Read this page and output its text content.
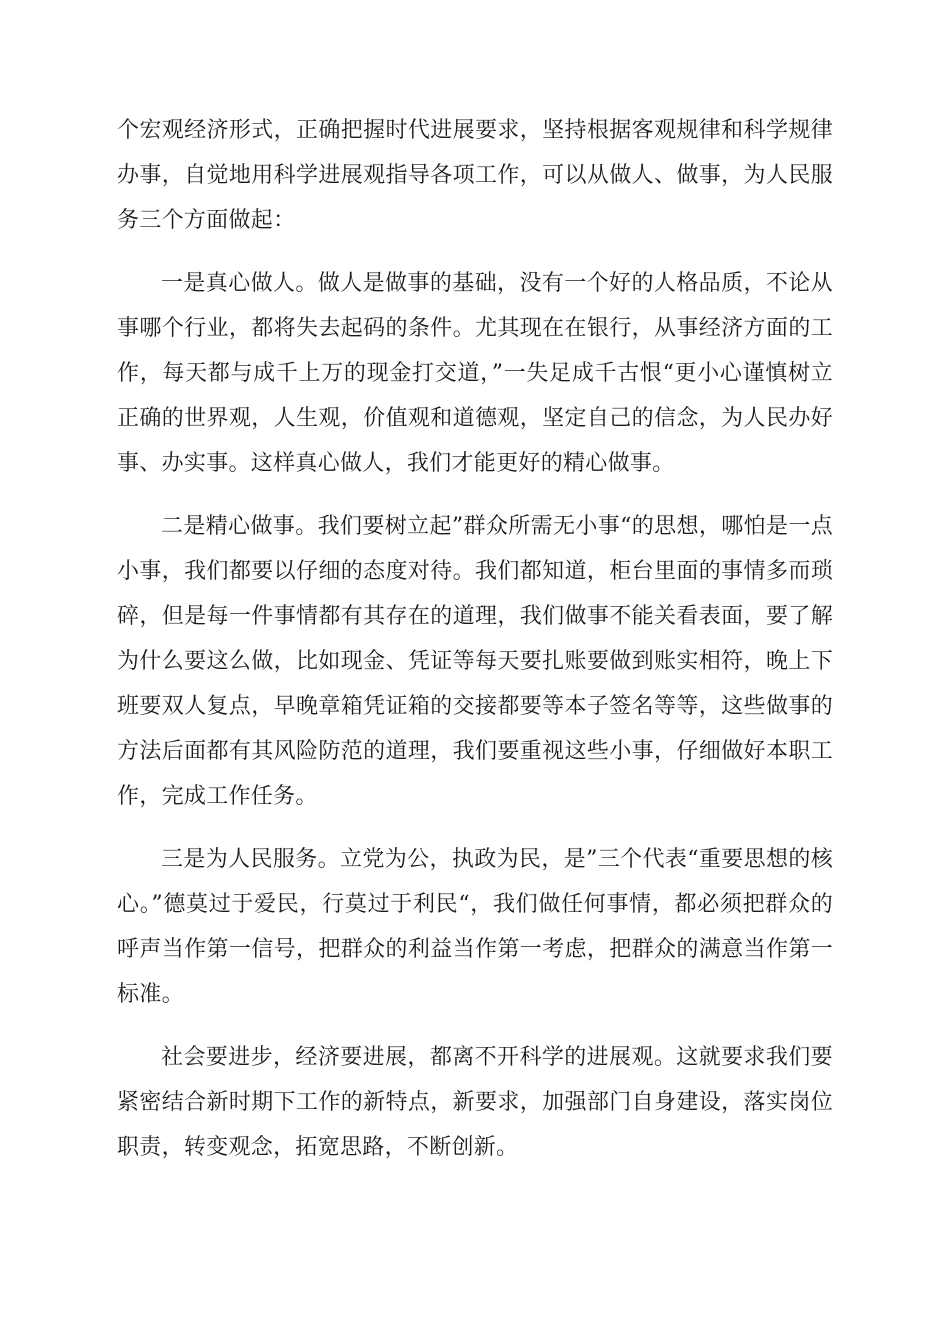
个宏观经济形式，正确把握时代进展要求，坚持根据客观规律和科学规律办事，自觉地用科学进展观指导各项工作，可以从做人、做事，为人民服务三个方面做起：

一是真心做人。做人是做事的基础，没有一个好的人格品质，不论从事哪个行业，都将失去起码的条件。尤其现在在银行，从事经济方面的工作，每天都与成千上万的现金打交道，”一失足成千古恨“更小心谨慎树立正确的世界观，人生观，价值观和道德观，坚定自己的信念，为人民办好事、办实事。这样真心做人，我们才能更好的精心做事。

二是精心做事。我们要树立起”群众所需无小事“的思想，哪怕是一点小事，我们都要以仔细的态度对待。我们都知道，柜台里面的事情多而琐碎，但是每一件事情都有其存在的道理，我们做事不能关看表面，要了解为什么要这么做，比如现金、凭证等每天要扎账要做到账实相符，晚上下班要双人复点，早晚章箱凭证箱的交接都要等本子签名等等，这些做事的方法后面都有其风险防范的道理，我们要重视这些小事，仔细做好本职工作，完成工作任务。

三是为人民服务。立党为公，执政为民，是”三个代表“重要思想的核心。”德莫过于爱民，行莫过于利民“，我们做任何事情，都必须把群众的呼声当作第一信号，把群众的利益当作第一考虑，把群众的满意当作第一标准。

社会要进步，经济要进展，都离不开科学的进展观。这就要求我们要紧密结合新时期下工作的新特点，新要求，加强部门自身建设，落实岗位职责，转变观念，拓宽思路，不断创新。
